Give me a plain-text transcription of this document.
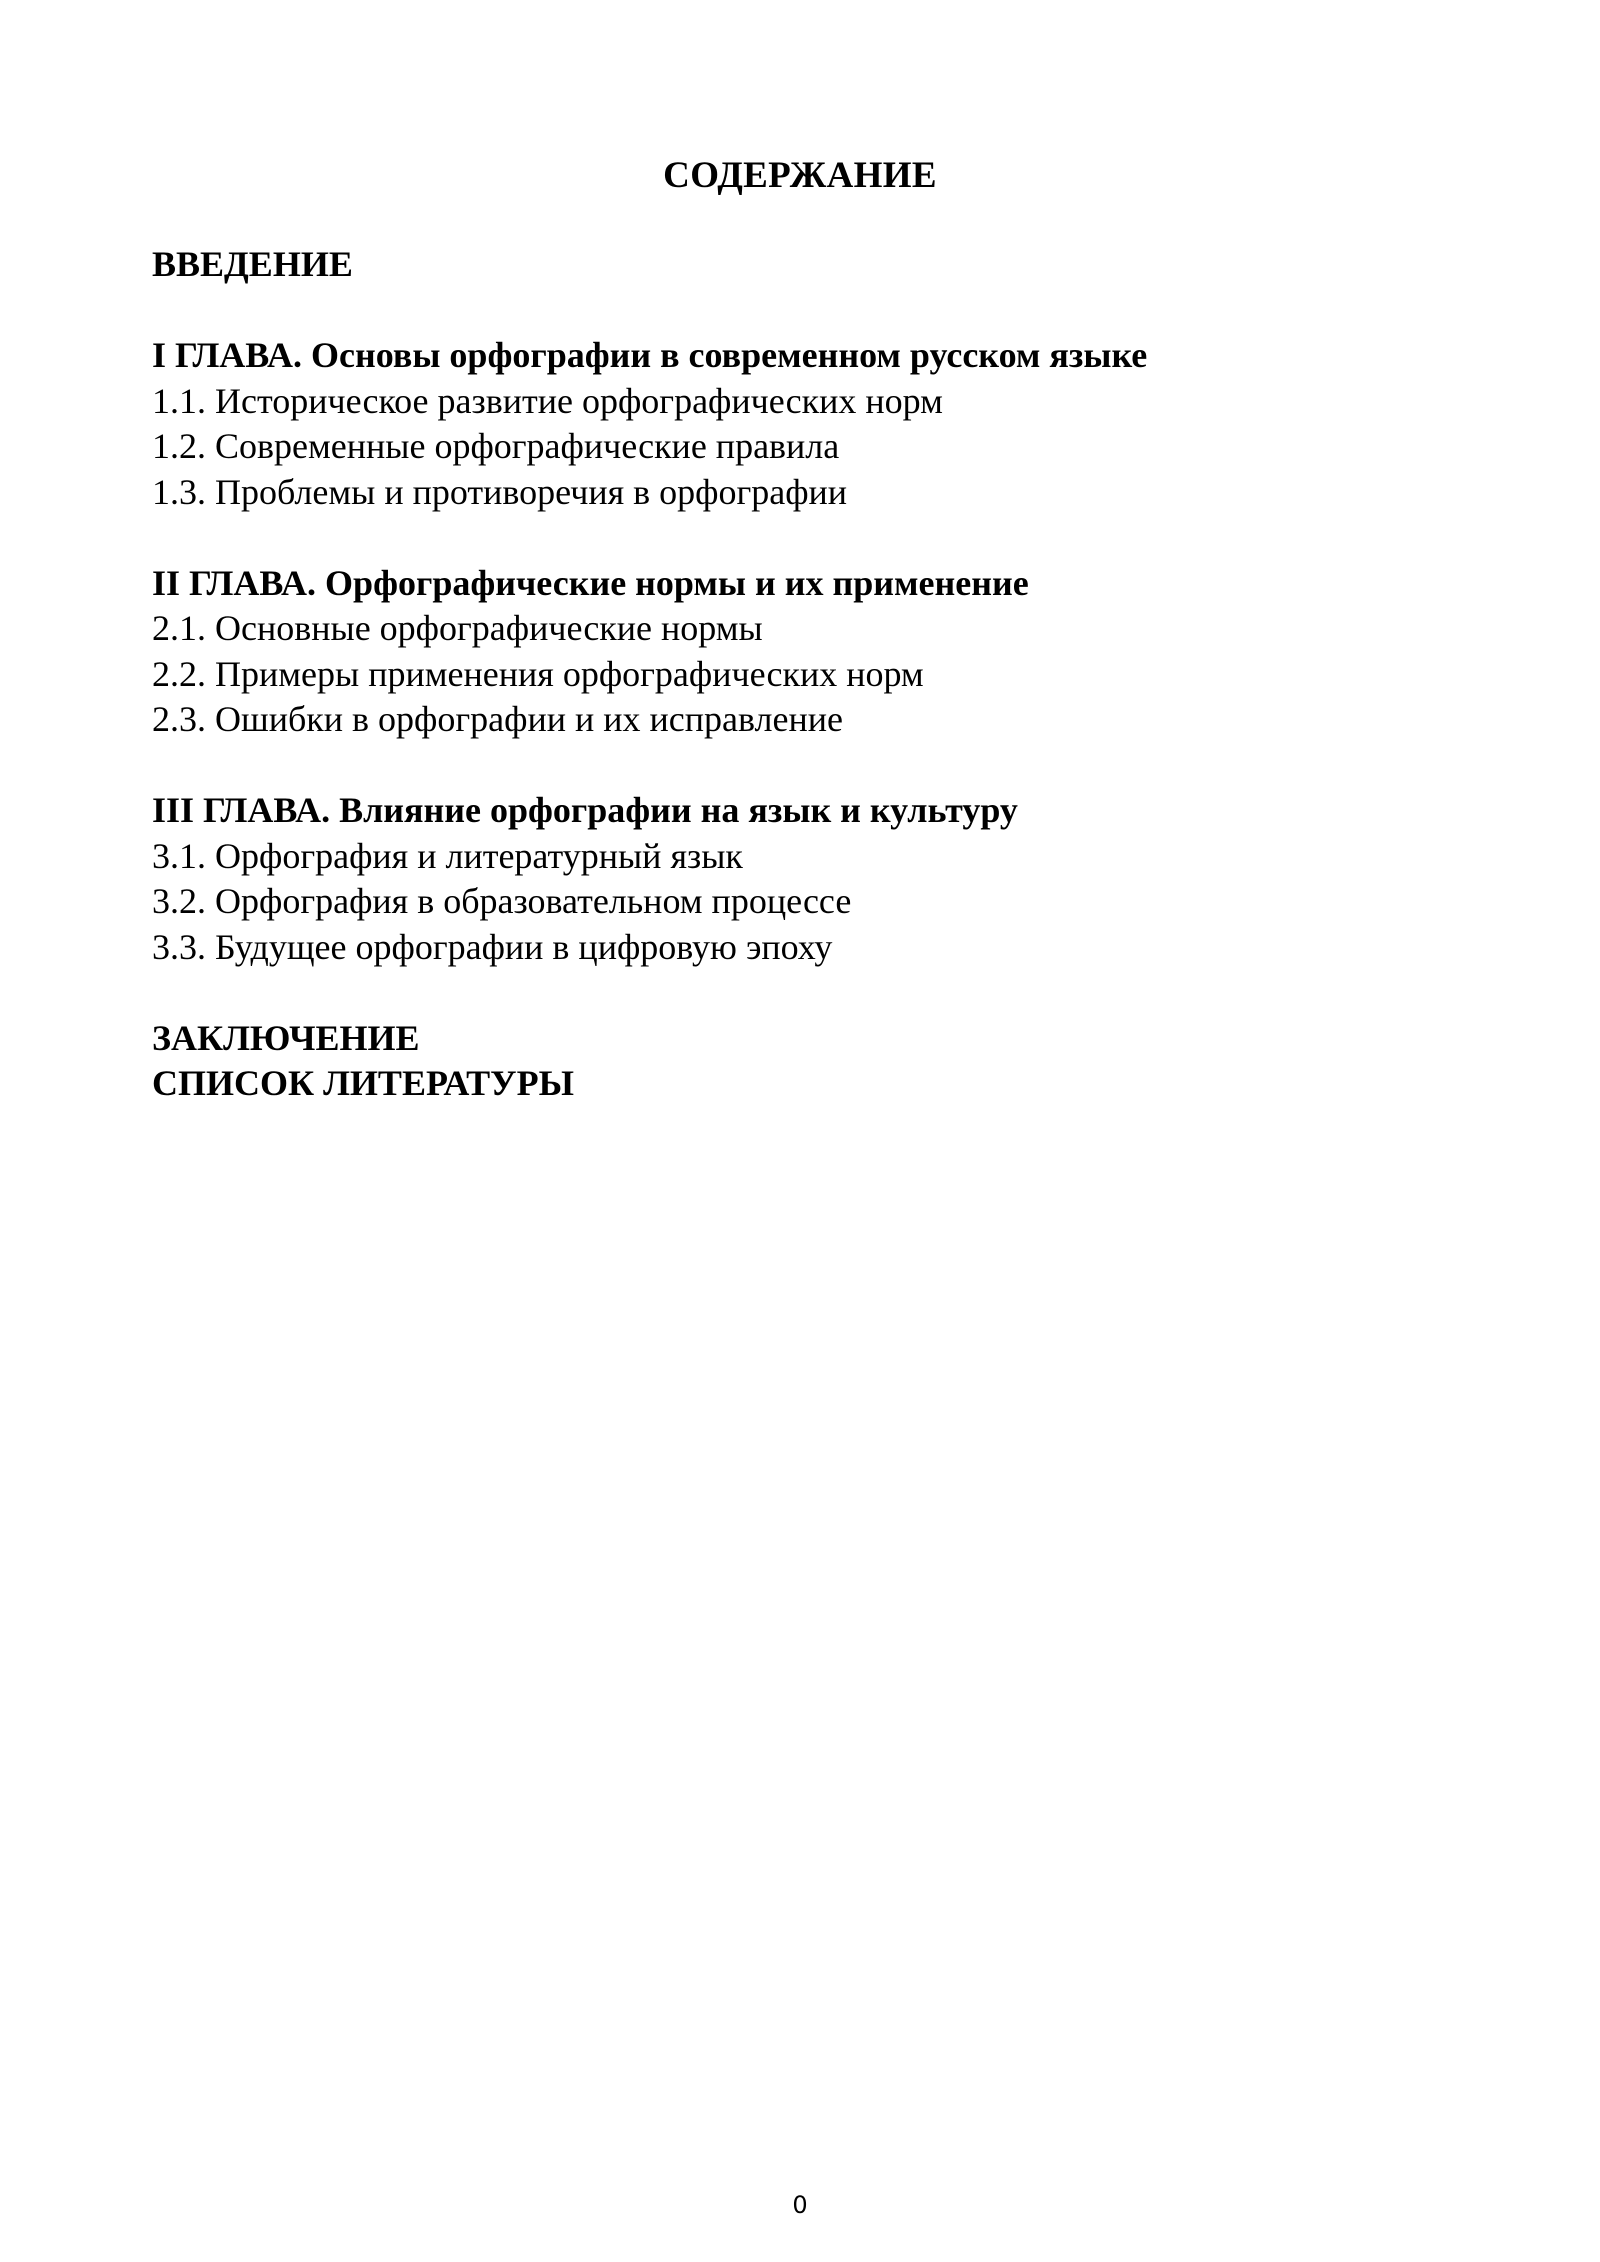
СОДЕРЖАНИЕ
ВВЕДЕНИЕ
I ГЛАВА. Основы орфографии в современном русском языке
1.1. Историческое развитие орфографических норм
1.2. Современные орфографические правила
1.3. Проблемы и противоречия в орфографии
II ГЛАВА. Орфографические нормы и их применение
2.1. Основные орфографические нормы
2.2. Примеры применения орфографических норм
2.3. Ошибки в орфографии и их исправление
III ГЛАВА. Влияние орфографии на язык и культуру
3.1. Орфография и литературный язык
3.2. Орфография в образовательном процессе
3.3. Будущее орфографии в цифровую эпоху
ЗАКЛЮЧЕНИЕ
СПИСОК ЛИТЕРАТУРЫ
0
